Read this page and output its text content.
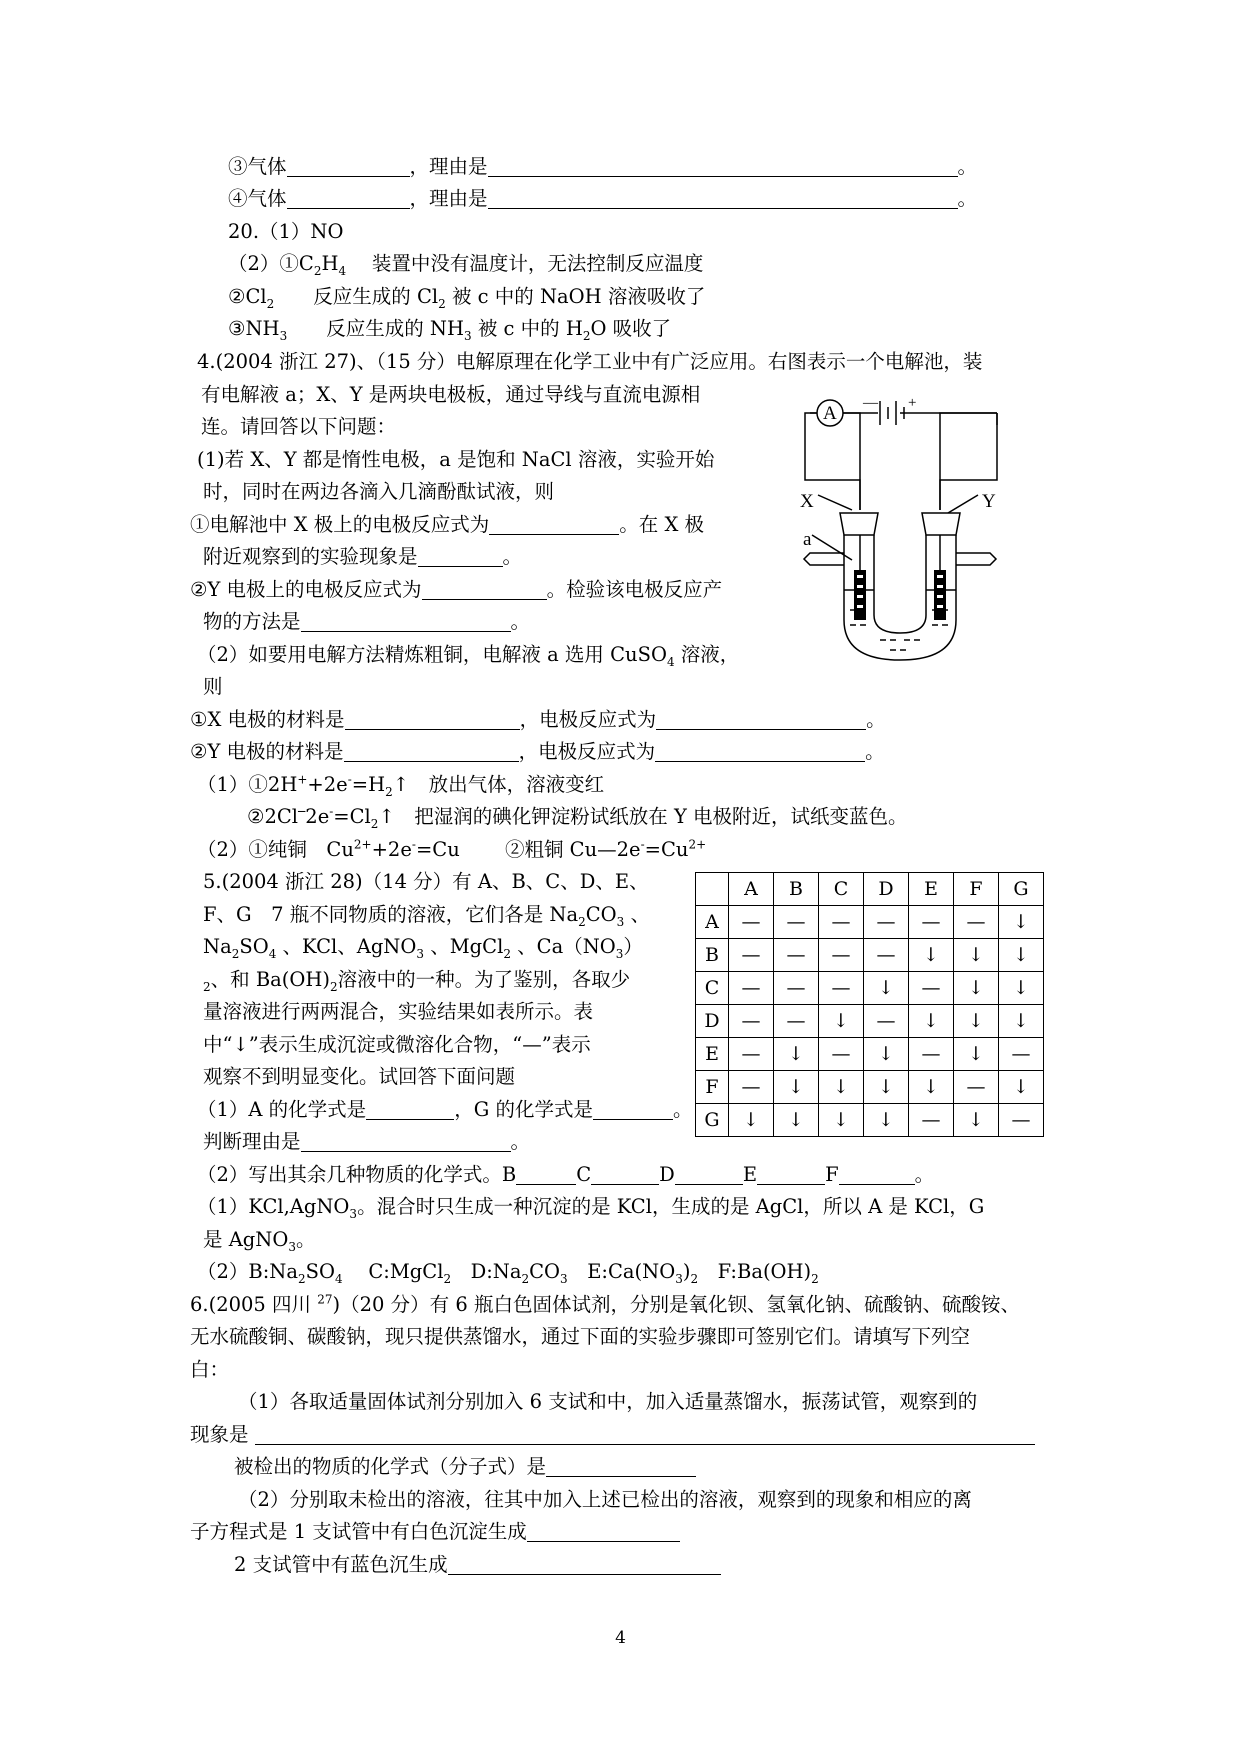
③气体	，理由是	。
④气体	，理由是	。
20.（1）NO
$(2)①C_2H_4$　 装置中没有温度计，无法控制反应温度
$②Cl_2$　　反应生成的 $Cl_2$ 被 c 中的 NaOH 溶液吸收了
$③NH_3$　　反应生成的 $NH_3$ 被 c 中的 $H_2O$ 吸收了
4.(2004 浙江 27)、（15 分）电解原理在化学工业中有广泛应用。右图表示一个电解池，装
有电解液 a；X、Y 是两块电极板，通过导线与直流电源相
连。请回答以下问题：
(1)若 X、Y 都是惰性电极，a 是饱和 NaCl 溶液，实验开始
时，同时在两边各滴入几滴酚酞试液，则
①电解池中 X 极上的电极反应式为	。在 X 极
附近观察到的实验现象是	。
②Y 电极上的电极反应式为	。检验该电极反应产
物的方法是	。
（2）如要用电解方法精炼粗铜，电解液 a 选用 CuSO$_4$ 溶液，
则
①X 电极的材料是	，电极反应式为	。
②Y 电极的材料是	，电极反应式为	。
A — +
X	Y
a
$(1)①2H^++2e^-=H_2↑$　放出气体，溶液变红
$②2Cl^─2e^-=Cl_2↑$　把湿润的碘化钾淀粉试纸放在 Y 电极附近，试纸变蓝色。
（2）①纯铜　$Cu^{2+}+2e^-=Cu$　　 ②粗铜 $Cu—2e^-=Cu^{2+}$
5.(2004 浙江 28)（14 分）有 A、B、C、D、E、
F、G　7 瓶不同物质的溶液，它们各是 $Na_2CO_3$ 、
$Na_2SO_4$ 、KCl、AgNO$_3$ 、MgCl$_2$ 、$Ca(NO_3)$
$_2$、和 $Ba(OH)_2$溶液中的一种。为了鉴别，各取少
量溶液进行两两混合，实验结果如表所示。表
中“↓”表示生成沉淀或微溶化合物，“—”表示
观察不到明显变化。试回答下面问题
	A	B	C	D	E	F	G
A	—	—	—	—	—	—	↓
B	—	—	—	—	↓	↓	↓
C	—	—	—	↓	—	↓	↓
D	—	—	↓	—	↓	↓	↓
E	—	↓	—	↓	—	↓	—
F	—	↓	↓	↓	↓	—	↓
G	↓	↓	↓	↓	—	↓	—
（1）A 的化学式是	，G 的化学式是	。
判断理由是	。
（2）写出其余几种物质的化学式。B	C	D	E	F	。
（1）KCl,AgNO$_3$。混合时只生成一种沉淀的是 KCl，生成的是 AgCl，所以 A 是 KCl，G
是 AgNO$_3$。
$(2)B:Na_2SO_4$　 C:MgCl$_2$　$D:Na_2CO_3$　$E:Ca(NO_3)_2$　$F:Ba(OH)_2$
6.(2005 四川 $^{27}$)（20 分）有 6 瓶白色固体试剂，分别是氧化钡、氢氧化钠、硫酸钠、硫酸铵、
无水硫酸铜、碳酸钠，现只提供蒸馏水，通过下面的实验步骤即可签别它们。请填写下列空
白：
（1）各取适量固体试剂分别加入 6 支试和中，加入适量蒸馏水，振荡试管，观察到的
现象是
被检出的物质的化学式（分子式）是
（2）分别取未检出的溶液，往其中加入上述已检出的溶液，观察到的现象和相应的离
子方程式是 1 支试管中有白色沉淀生成
2 支试管中有蓝色沉生成
4
